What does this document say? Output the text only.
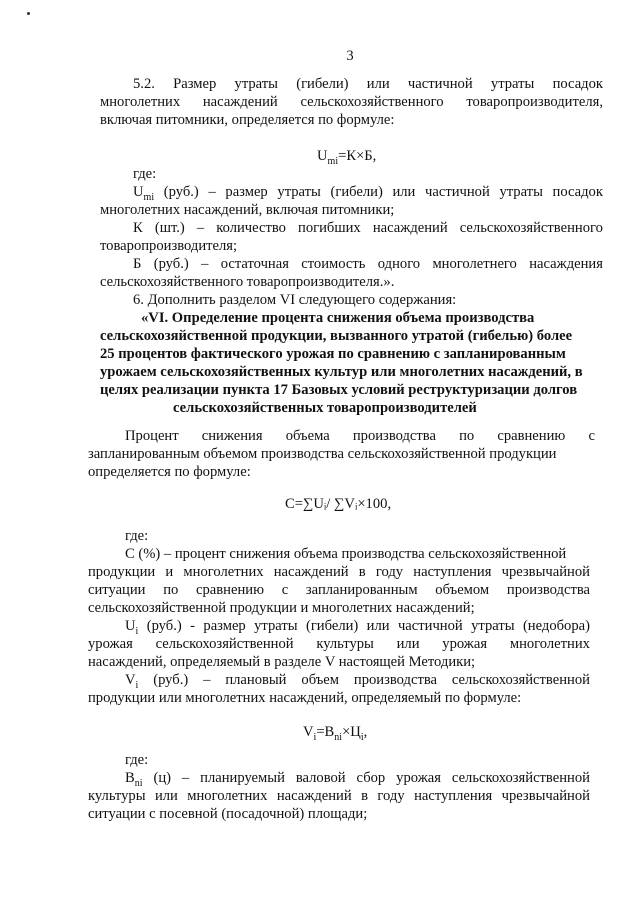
3
5.2. Размер утраты (гибели) или частичной утраты посадок
многолетних насаждений сельскохозяйственного товаропроизводителя,
включая питомники, определяется по формуле:
$U_{mi}=К\times Б$,
где:
$U_{mi}$ (руб.) – размер утраты (гибели) или частичной утраты посадок
многолетних насаждений, включая питомники;
К (шт.) – количество погибших насаждений сельскохозяйственного
товаропроизводителя;
Б (руб.) – остаточная стоимость одного многолетнего насаждения
сельскохозяйственного товаропроизводителя.».
6. Дополнить разделом VI следующего содержания:
«VI. Определение процента снижения объема производства
сельскохозяйственной продукции, вызванного утратой (гибелью) более
25 процентов фактического урожая по сравнению с запланированным
урожаем сельскохозяйственных культур или многолетних насаждений, в
целях реализации пункта 17 Базовых условий реструктуризации долгов
сельскохозяйственных товаропроизводителей
Процент снижения объема производства по сравнению с
запланированным объемом производства сельскохозяйственной продукции
определяется по формуле:
С=∑Uᵢ/ ∑Vᵢ×100,
где:
С (%) – процент снижения объема производства сельскохозяйственной
продукции и многолетних насаждений в году наступления чрезвычайной
ситуации по сравнению с запланированным объемом производства
сельскохозяйственной продукции и многолетних насаждений;
$U_i$ (руб.) - размер утраты (гибели) или частичной утраты (недобора)
урожая сельскохозяйственной культуры или урожая многолетних
насаждений, определяемый в разделе V настоящей Методики;
$V_i$ (руб.) – плановый объем производства сельскохозяйственной
продукции или многолетних насаждений, определяемый по формуле:
$V_i=В_{ni}\times Ц_i$,
где:
$В_{ni}$ (ц) – планируемый валовой сбор урожая сельскохозяйственной
культуры или многолетних насаждений в году наступления чрезвычайной
ситуации с посевной (посадочной) площади;
